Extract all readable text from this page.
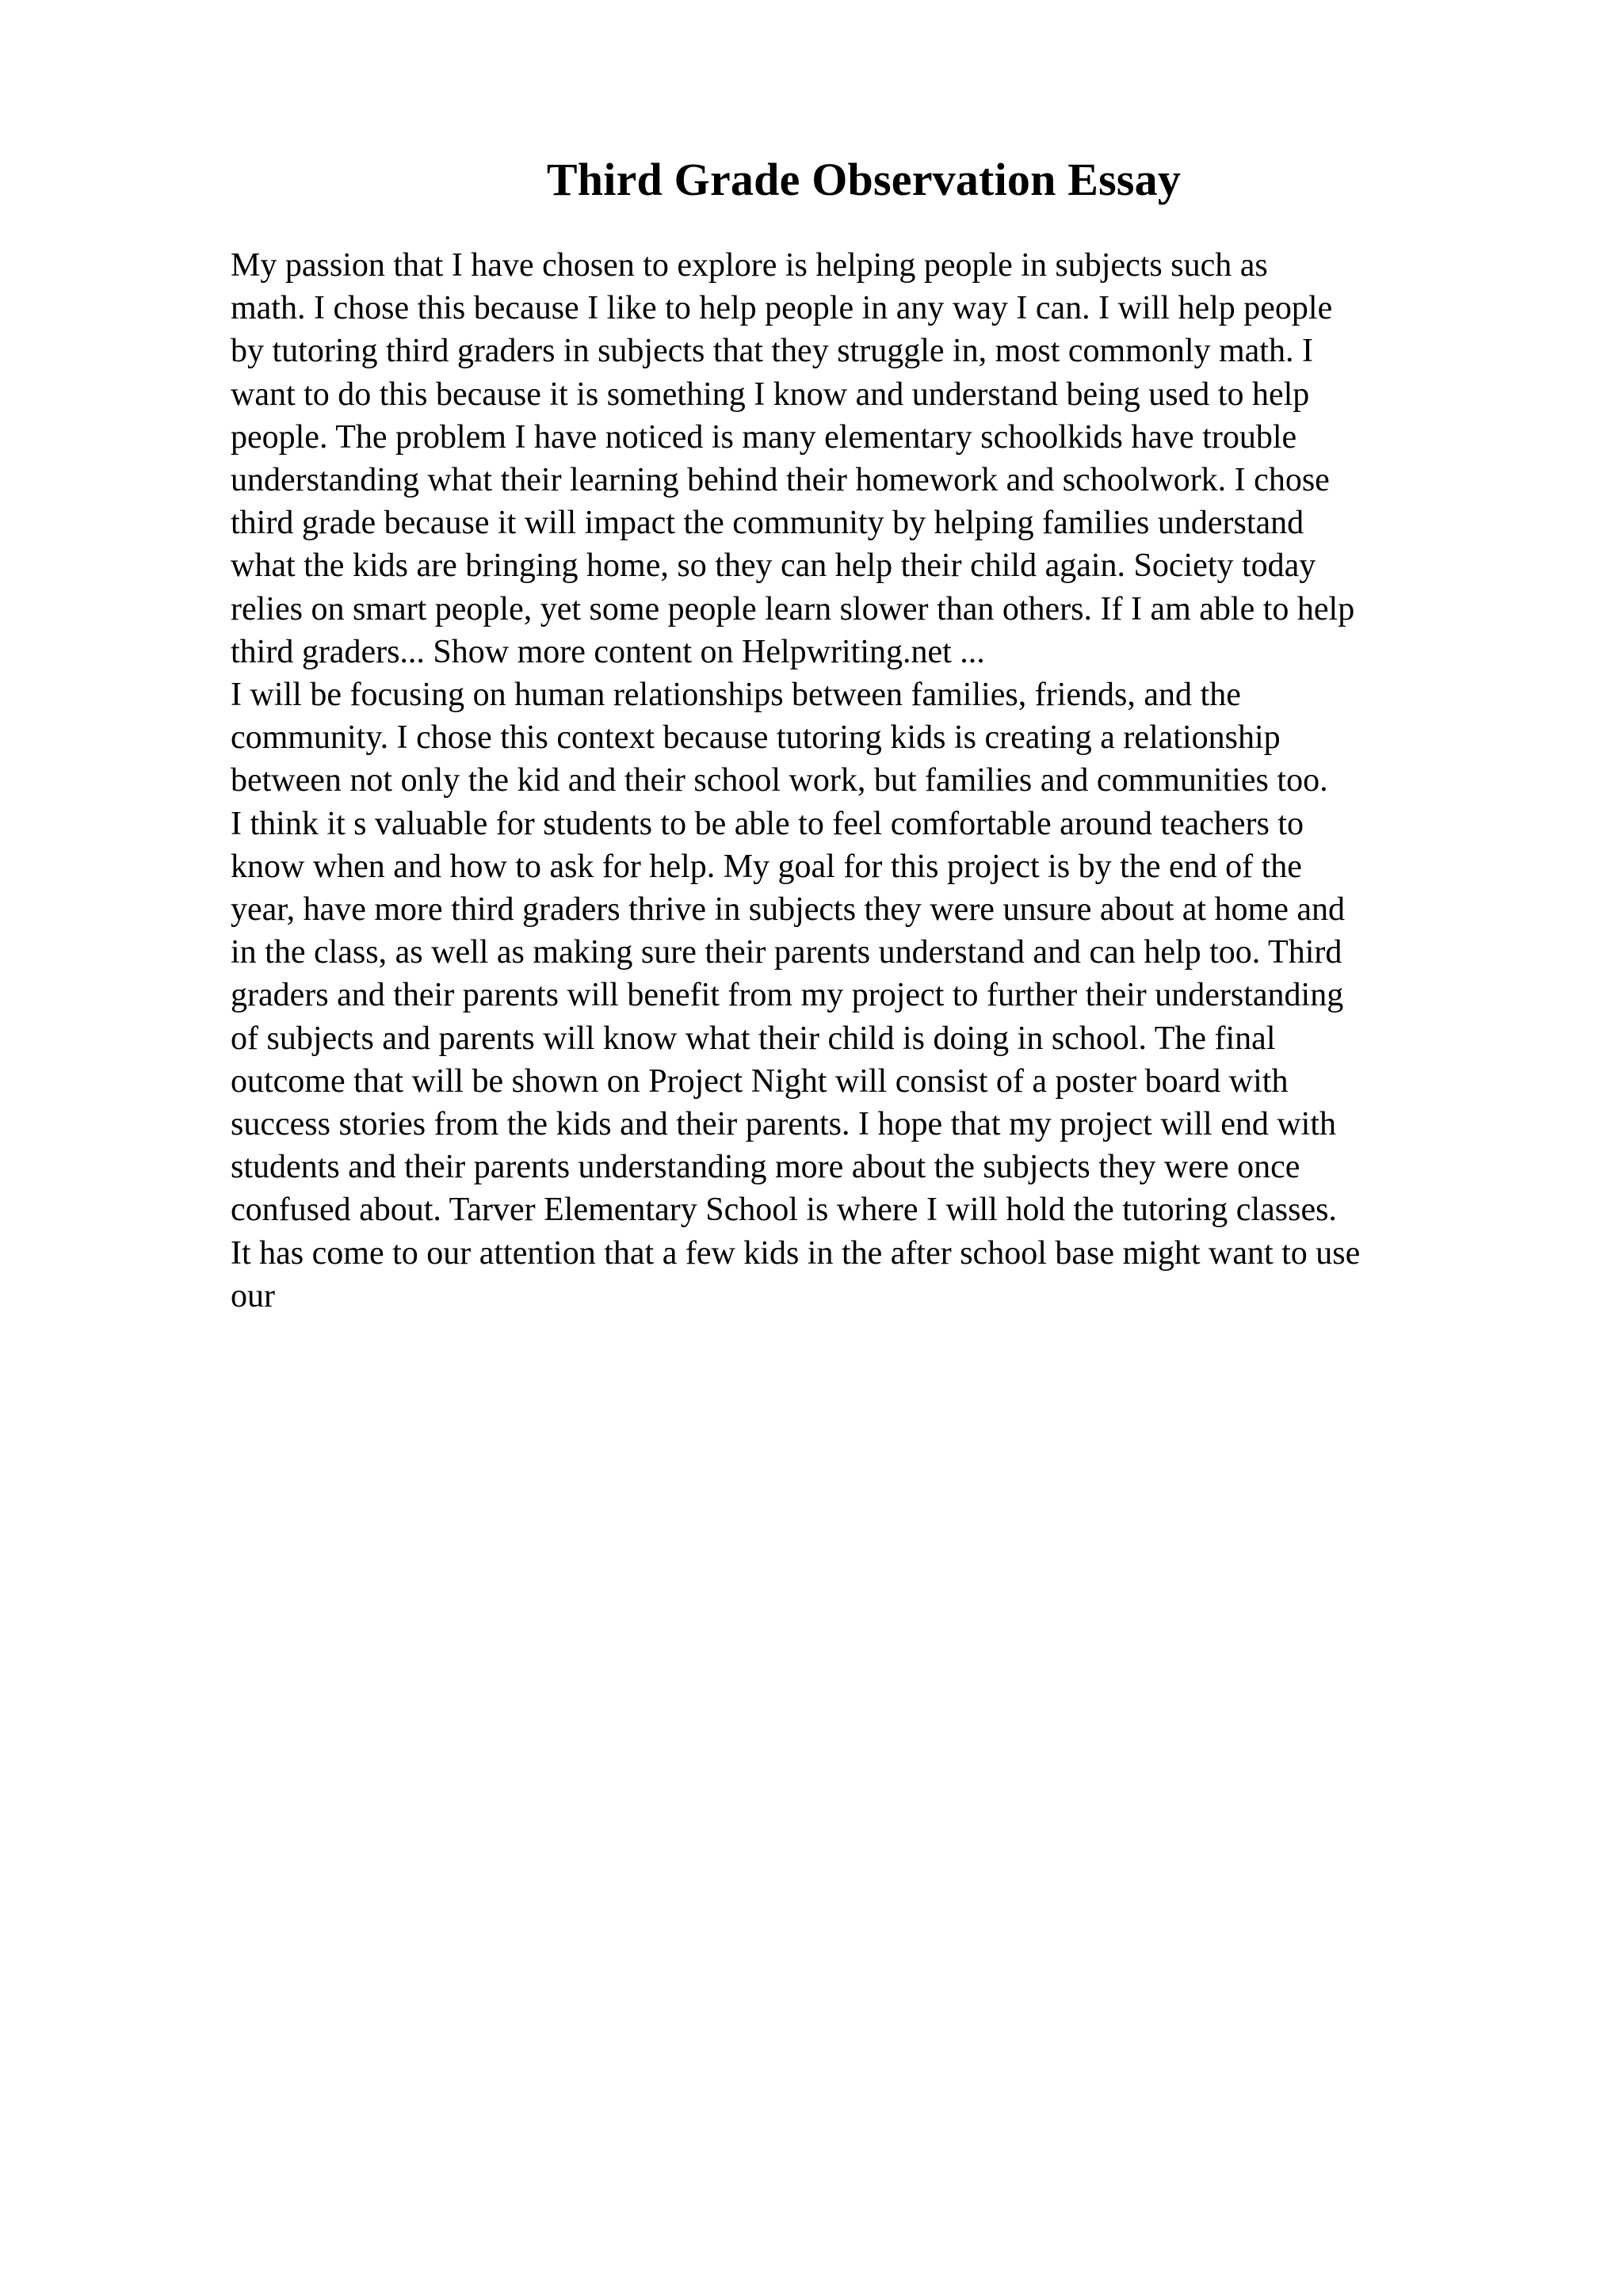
Third Grade Observation Essay
My passion that I have chosen to explore is helping people in subjects such as
math. I chose this because I like to help people in any way I can. I will help people
by tutoring third graders in subjects that they struggle in, most commonly math. I
want to do this because it is something I know and understand being used to help
people. The problem I have noticed is many elementary schoolkids have trouble
understanding what their learning behind their homework and schoolwork. I chose
third grade because it will impact the community by helping families understand
what the kids are bringing home, so they can help their child again. Society today
relies on smart people, yet some people learn slower than others. If I am able to help
third graders... Show more content on Helpwriting.net ...
I will be focusing on human relationships between families, friends, and the
community. I chose this context because tutoring kids is creating a relationship
between not only the kid and their school work, but families and communities too.
I think it s valuable for students to be able to feel comfortable around teachers to
know when and how to ask for help. My goal for this project is by the end of the
year, have more third graders thrive in subjects they were unsure about at home and
in the class, as well as making sure their parents understand and can help too. Third
graders and their parents will benefit from my project to further their understanding
of subjects and parents will know what their child is doing in school. The final
outcome that will be shown on Project Night will consist of a poster board with
success stories from the kids and their parents. I hope that my project will end with
students and their parents understanding more about the subjects they were once
confused about. Tarver Elementary School is where I will hold the tutoring classes.
It has come to our attention that a few kids in the after school base might want to use
our
